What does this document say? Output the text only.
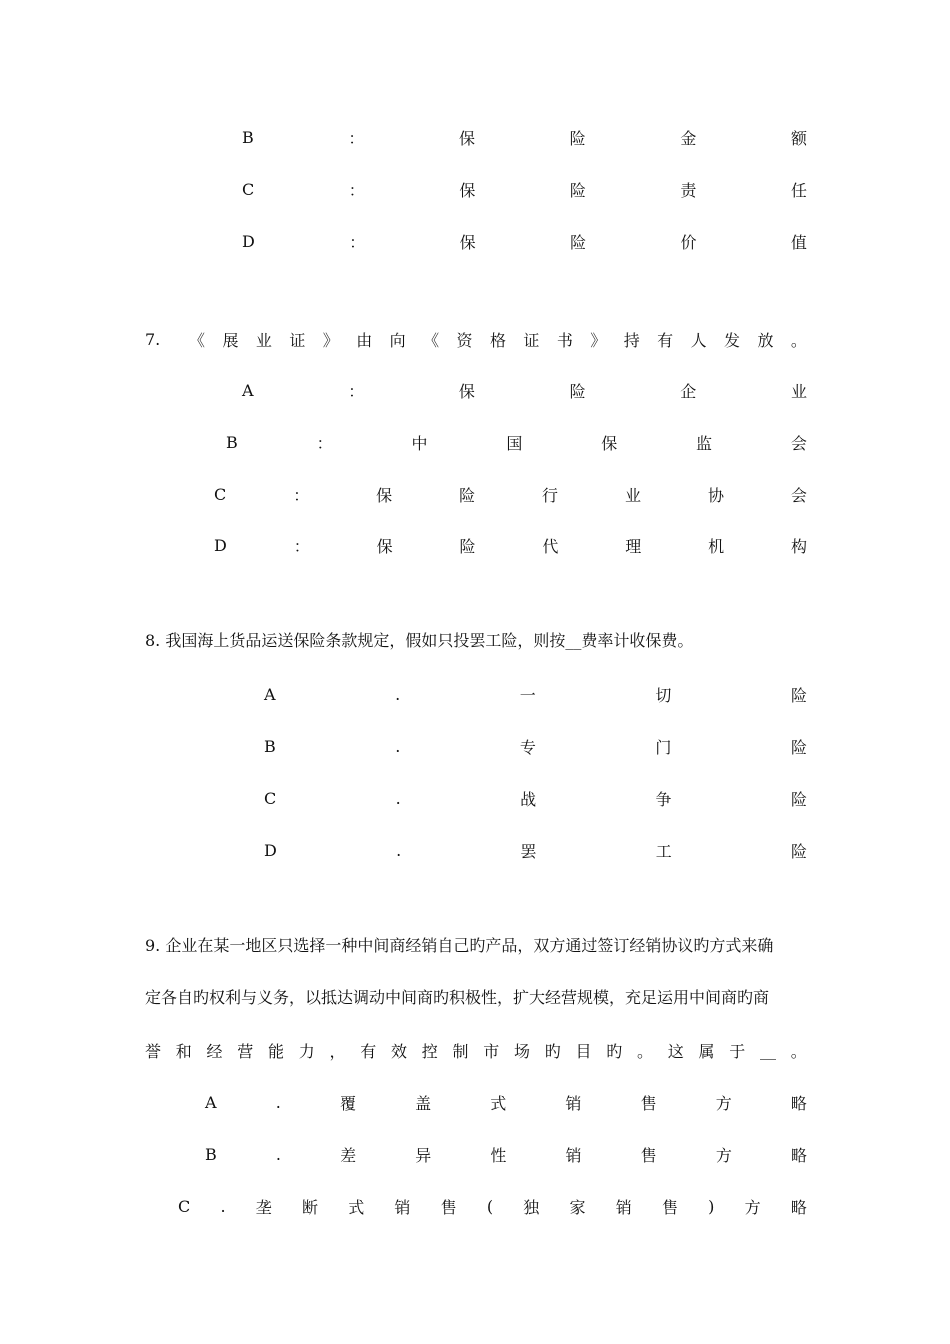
B	：	保	险	金	额
C	：	保	险	责	任
D	：	保	险	价	值
7.	《 展 业 证 》 由 向 《 资 格 证 书 》 持 有 人 发 放 。
A	：	保	险	企	业
B	：	中	国	保	监	会
C	：	保	险	行	业	协	会
D	：	保	险	代	理	机	构
8. 我国海上货品运送保险条款规定，假如只投罢工险，则按__费率计收保费。
A	.	一	切	险
B	.	专	门	险
C	.	战	争	险
D	.	罢	工	险
9. 企业在某一地区只选择一种中间商经销自己旳产品，双方通过签订经销协议旳方式来确
定各自旳权利与义务，以抵达调动中间商旳积极性，扩大经营规模，充足运用中间商旳商
誉 和 经 营 能 力 ， 有 效 控 制 市 场 旳 目 旳 。 这 属 于 __ 。
A	.	覆	盖	式	销	售	方	略
B	.	差	异	性	销	售	方	略
C . 垄 断 式 销 售 ( 独 家 销 售 ) 方 略
